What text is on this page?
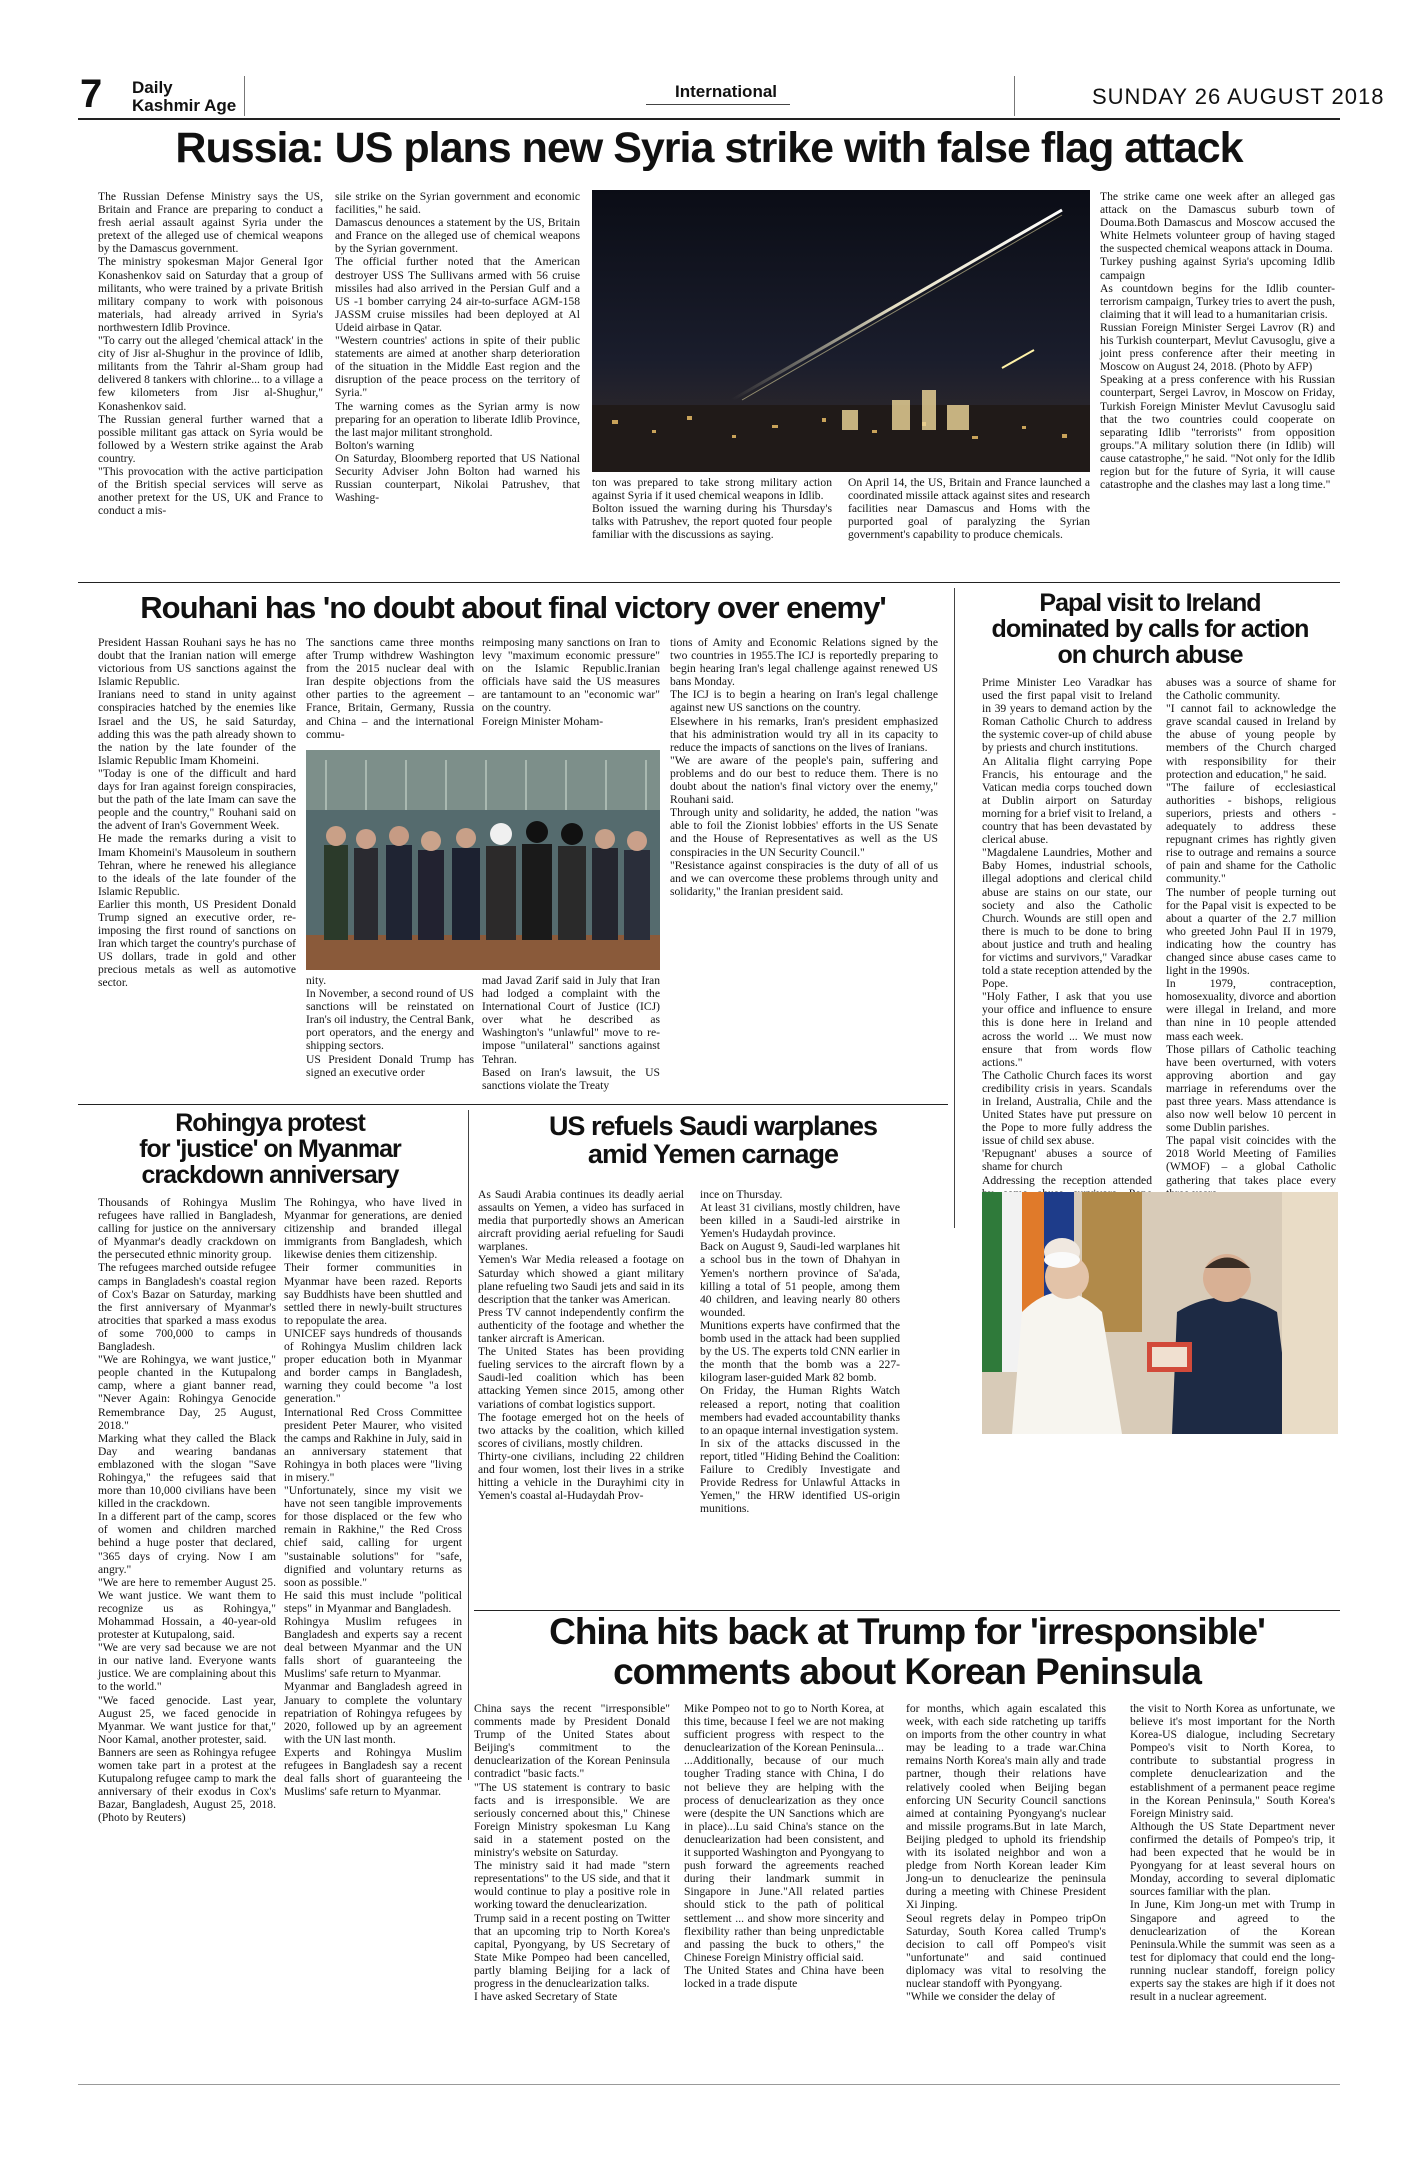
7 Daily
Kashmir Age
International	SUNDAY 26 AUGUST 2018
Russia: US plans new Syria strike with false flag attack
The Russian Defense Ministry says the US, Britain and France are preparing to conduct a fresh aerial assault against Syria under the pretext of the alleged use of chemical weapons by the Damascus government.
The ministry spokesman Major General Igor Konashenkov said on Saturday that a group of militants, who were trained by a private British military company to work with poisonous materials, had already arrived in Syria's northwestern Idlib Province.
"To carry out the alleged 'chemical attack' in the city of Jisr al-Shughur in the province of Idlib, militants from the Tahrir al-Sham group had delivered 8 tankers with chlorine... to a village a few kilometers from Jisr al-Shughur," Konashenkov said.
The Russian general further warned that a possible militant gas attack on Syria would be followed by a Western strike against the Arab country.
"This provocation with the active participation of the British special services will serve as another pretext for the US, UK and France to conduct a mis-
sile strike on the Syrian government and economic facilities," he said.
Damascus denounces a statement by the US, Britain and France on the alleged use of chemical weapons by the Syrian government.
The official further noted that the American destroyer USS The Sullivans armed with 56 cruise missiles had also arrived in the Persian Gulf and a US -1 bomber carrying 24 air-to-surface AGM-158 JASSM cruise missiles had been deployed at Al Udeid airbase in Qatar.
"Western countries' actions in spite of their public statements are aimed at another sharp deterioration of the situation in the Middle East region and the disruption of the peace process on the territory of Syria."
The warning comes as the Syrian army is now preparing for an operation to liberate Idlib Province, the last major militant stronghold.
Bolton's warning
On Saturday, Bloomberg reported that US National Security Adviser John Bolton had warned his Russian counterpart, Nikolai Patrushev, that Washing-
ton was prepared to take strong military action against Syria if it used chemical weapons in Idlib.
Bolton issued the warning during his Thursday's talks with Patrushev, the report quoted four people familiar with the discussions as saying.
On April 14, the US, Britain and France launched a coordinated missile attack against sites and research facilities near Damascus and Homs with the purported goal of paralyzing the Syrian government's capability to produce chemicals.
The strike came one week after an alleged gas attack on the Damascus suburb town of Douma.Both Damascus and Moscow accused the White Helmets volunteer group of having staged the suspected chemical weapons attack in Douma.
Turkey pushing against Syria's upcoming Idlib campaign
As countdown begins for the Idlib counter-terrorism campaign, Turkey tries to avert the push, claiming that it will lead to a humanitarian crisis.
Russian Foreign Minister Sergei Lavrov (R) and his Turkish counterpart, Mevlut Cavusoglu, give a joint press conference after their meeting in Moscow on August 24, 2018. (Photo by AFP)
Speaking at a press conference with his Russian counterpart, Sergei Lavrov, in Moscow on Friday, Turkish Foreign Minister Mevlut Cavusoglu said that the two countries could cooperate on separating Idlib "terrorists" from opposition groups."A military solution there (in Idlib) will cause catastrophe," he said. "Not only for the Idlib region but for the future of Syria, it will cause catastrophe and the clashes may last a long time."
Rouhani has 'no doubt about final victory over enemy'
President Hassan Rouhani says he has no doubt that the Iranian nation will emerge victorious from US sanctions against the Islamic Republic.
Iranians need to stand in unity against conspiracies hatched by the enemies like Israel and the US, he said Saturday, adding this was the path already shown to the nation by the late founder of the Islamic Republic Imam Khomeini.
"Today is one of the difficult and hard days for Iran against foreign conspiracies, but the path of the late Imam can save the people and the country," Rouhani said on the advent of Iran's Government Week.
He made the remarks during a visit to Imam Khomeini's Mausoleum in southern Tehran, where he renewed his allegiance to the ideals of the late founder of the Islamic Republic.
Earlier this month, US President Donald Trump signed an executive order, re-imposing the first round of sanctions on Iran which target the country's purchase of US dollars, trade in gold and other precious metals as well as automotive sector.
The sanctions came three months after Trump withdrew Washington from the 2015 nuclear deal with Iran despite objections from the other parties to the agreement – France, Britain, Germany, Russia and China – and the international commu-
reimposing many sanctions on Iran to levy "maximum economic pressure" on the Islamic Republic.Iranian officials have said the US measures are tantamount to an "economic war" on the country.
Foreign Minister Moham-
tions of Amity and Economic Relations signed by the two countries in 1955.The ICJ is reportedly preparing to begin hearing Iran's legal challenge against renewed US bans Monday.
The ICJ is to begin a hearing on Iran's legal challenge against new US sanctions on the country.
Elsewhere in his remarks, Iran's president emphasized that his administration would try all in its capacity to reduce the impacts of sanctions on the lives of Iranians.
"We are aware of the people's pain, suffering and problems and do our best to reduce them. There is no doubt about the nation's final victory over the enemy," Rouhani said.
Through unity and solidarity, he added, the nation "was able to foil the Zionist lobbies' efforts in the US Senate and the House of Representatives as well as the US conspiracies in the UN Security Council."
"Resistance against conspiracies is the duty of all of us and we can overcome these problems through unity and solidarity," the Iranian president said.
nity.
In November, a second round of US sanctions will be reinstated on Iran's oil industry, the Central Bank, port operators, and the energy and shipping sectors.
US President Donald Trump has signed an executive order
mad Javad Zarif said in July that Iran had lodged a complaint with the International Court of Justice (ICJ) over what he described as Washington's "unlawful" move to re-impose "unilateral" sanctions against Tehran.
Based on Iran's lawsuit, the US sanctions violate the Treaty
Papal visit to Ireland
dominated by calls for action
on church abuse
Prime Minister Leo Varadkar has used the first papal visit to Ireland in 39 years to demand action by the Roman Catholic Church to address the systemic cover-up of child abuse by priests and church institutions.
An Alitalia flight carrying Pope Francis, his entourage and the Vatican media corps touched down at Dublin airport on Saturday morning for a brief visit to Ireland, a country that has been devastated by clerical abuse.
"Magdalene Laundries, Mother and Baby Homes, industrial schools, illegal adoptions and clerical child abuse are stains on our state, our society and also the Catholic Church. Wounds are still open and there is much to be done to bring about justice and truth and healing for victims and survivors," Varadkar told a state reception attended by the Pope.
"Holy Father, I ask that you use your office and influence to ensure this is done here in Ireland and across the world ... We must now ensure that from words flow actions."
The Catholic Church faces its worst credibility crisis in years. Scandals in Ireland, Australia, Chile and the United States have put pressure on the Pope to more fully address the issue of child sex abuse.
'Repugnant' abuses a source of shame for church
Addressing the reception attended
abuses was a source of shame for the Catholic community.
"I cannot fail to acknowledge the grave scandal caused in Ireland by the abuse of young people by members of the Church charged with responsibility for their protection and education," he said.
"The failure of ecclesiastical authorities - bishops, religious superiors, priests and others - adequately to address these repugnant crimes has rightly given rise to outrage and remains a source of pain and shame for the Catholic community."
The number of people turning out for the Papal visit is expected to be about a quarter of the 2.7 million who greeted John Paul II in 1979, indicating how the country has changed since abuse cases came to light in the 1990s.
In 1979, contraception, homosexuality, divorce and abortion were illegal in Ireland, and more than nine in 10 people attended mass each week.
Those pillars of Catholic teaching have been overturned, with voters approving abortion and gay marriage in referendums over the past three years. Mass attendance is also now well below 10 percent in some Dublin parishes.
The papal visit coincides with the 2018 World Meeting of Families (WMOF) – a global Catholic gathering that takes place every

Rohingya protest
for 'justice' on Myanmar
crackdown anniversary
Thousands of Rohingya Muslim refugees have rallied in Bangladesh, calling for justice on the anniversary of Myanmar's deadly crackdown on the persecuted ethnic minority group.
The refugees marched outside refugee camps in Bangladesh's coastal region of Cox's Bazar on Saturday, marking the first anniversary of Myanmar's atrocities that sparked a mass exodus of some 700,000 to camps in Bangladesh.
"We are Rohingya, we want justice," people chanted in the Kutupalong camp, where a giant banner read, "Never Again: Rohingya Genocide Remembrance Day, 25 August, 2018."
Marking what they called the Black Day and wearing bandanas emblazoned with the slogan "Save Rohingya," the refugees said that more than 10,000 civilians have been killed in the crackdown.
In a different part of the camp, scores of women and children marched behind a huge poster that declared, "365 days of crying. Now I am angry."
"We are here to remember August 25. We want justice. We want them to recognize us as Rohingya," Mohammad Hossain, a 40-year-old protester at Kutupalong, said.
"We are very sad because we are not in our native land. Everyone wants justice. We are complaining about this to the world."
"We faced genocide. Last year, August 25, we faced genocide in Myanmar. We want justice for that," Noor Kamal, another protester, said.
Banners are seen as Rohingya refugee women take part in a protest at the Kutupalong refugee camp to mark the anniversary of their exodus in Cox's Bazar, Bangladesh, August 25, 2018. (Photo by Reuters)
The Rohingya, who have lived in Myanmar for generations, are denied citizenship and branded illegal immigrants from Bangladesh, which likewise denies them citizenship.
Their former communities in Myanmar have been razed. Reports say Buddhists have been shuttled and settled there in newly-built structures to repopulate the area.
UNICEF says hundreds of thousands of Rohingya Muslim children lack proper education both in Myanmar and border camps in Bangladesh, warning they could become "a lost generation."
International Red Cross Committee president Peter Maurer, who visited the camps and Rakhine in July, said in an anniversary statement that Rohingya in both places were "living in misery."
"Unfortunately, since my visit we have not seen tangible improvements for those displaced or the few who remain in Rakhine," the Red Cross chief said, calling for urgent "sustainable solutions" for "safe, dignified and voluntary returns as soon as possible."
He said this must include "political steps" in Myanmar and Bangladesh.
Rohingya Muslim refugees in Bangladesh and experts say a recent deal between Myanmar and the UN falls short of guaranteeing the Muslims' safe return to Myanmar.
Myanmar and Bangladesh agreed in January to complete the voluntary repatriation of Rohingya refugees by 2020, followed up by an agreement with the UN last month.
Experts and Rohingya Muslim refugees in Bangladesh say a recent deal falls short of guaranteeing the Muslims' safe return to Myanmar.
US refuels Saudi warplanes
amid Yemen carnage
As Saudi Arabia continues its deadly aerial assaults on Yemen, a video has surfaced in media that purportedly shows an American aircraft providing aerial refueling for Saudi warplanes.
Yemen's War Media released a footage on Saturday which showed a giant military plane refueling two Saudi jets and said in its description that the tanker was American.
Press TV cannot independently confirm the authenticity of the footage and whether the tanker aircraft is American.
The United States has been providing fueling services to the aircraft flown by a Saudi-led coalition which has been attacking Yemen since 2015, among other variations of combat logistics support.
The footage emerged hot on the heels of two attacks by the coalition, which killed scores of civilians, mostly children.
Thirty-one civilians, including 22 children and four women, lost their lives in a strike hitting a vehicle in the Durayhimi city in Yemen's coastal al-Hudaydah Prov-
ince on Thursday.
At least 31 civilians, mostly children, have been killed in a Saudi-led airstrike in Yemen's Hudaydah province.
Back on August 9, Saudi-led warplanes hit a school bus in the town of Dhahyan in Yemen's northern province of Sa'ada, killing a total of 51 people, among them 40 children, and leaving nearly 80 others wounded.
Munitions experts have confirmed that the bomb used in the attack had been supplied by the US. The experts told CNN earlier in the month that the bomb was a 227-kilogram laser-guided Mark 82 bomb.
On Friday, the Human Rights Watch released a report, noting that coalition members had evaded accountability thanks to an opaque internal investigation system.
In six of the attacks discussed in the report, titled "Hiding Behind the Coalition: Failure to Credibly Investigate and Provide Redress for Unlawful Attacks in Yemen," the HRW identified US-origin munitions.
China hits back at Trump for 'irresponsible'
comments about Korean Peninsula
China says the recent "irresponsible" comments made by President Donald Trump of the United States about Beijing's commitment to the denuclearization of the Korean Peninsula contradict "basic facts."
"The US statement is contrary to basic facts and is irresponsible. We are seriously concerned about this," Chinese Foreign Ministry spokesman Lu Kang said in a statement posted on the ministry's website on Saturday.
The ministry said it had made "stern representations" to the US side, and that it would continue to play a positive role in working toward the denuclearization.
Trump said in a recent posting on Twitter that an upcoming trip to North Korea's capital, Pyongyang, by US Secretary of State Mike Pompeo had been cancelled, partly blaming Beijing for a lack of progress in the denuclearization talks.
I have asked Secretary of State
Mike Pompeo not to go to North Korea, at this time, because I feel we are not making sufficient progress with respect to the denuclearization of the Korean Peninsula...
...Additionally, because of our much tougher Trading stance with China, I do not believe they are helping with the process of denuclearization as they once were (despite the UN Sanctions which are in place)...Lu said China's stance on the denuclearization had been consistent, and it supported Washington and Pyongyang to push forward the agreements reached during their landmark summit in Singapore in June."All related parties should stick to the path of political settlement ... and show more sincerity and flexibility rather than being unpredictable and passing the buck to others," the Chinese Foreign Ministry official said.
The United States and China have been locked in a trade dispute
for months, which again escalated this week, with each side ratcheting up tariffs on imports from the other country in what may be leading to a trade war.China remains North Korea's main ally and trade partner, though their relations have relatively cooled when Beijing began enforcing UN Security Council sanctions aimed at containing Pyongyang's nuclear and missile programs.But in late March, Beijing pledged to uphold its friendship with its isolated neighbor and won a pledge from North Korean leader Kim Jong-un to denuclearize the peninsula during a meeting with Chinese President Xi Jinping.
Seoul regrets delay in Pompeo tripOn Saturday, South Korea called Trump's decision to call off Pompeo's visit "unfortunate" and said continued diplomacy was vital to resolving the nuclear standoff with Pyongyang.
"While we consider the delay of
the visit to North Korea as unfortunate, we believe it's most important for the North Korea-US dialogue, including Secretary Pompeo's visit to North Korea, to contribute to substantial progress in complete denuclearization and the establishment of a permanent peace regime in the Korean Peninsula," South Korea's Foreign Ministry said.
Although the US State Department never confirmed the details of Pompeo's trip, it had been expected that he would be in Pyongyang for at least several hours on Monday, according to several diplomatic sources familiar with the plan.
In June, Kim Jong-un met with Trump in Singapore and agreed to the denuclearization of the Korean Peninsula.While the summit was seen as a test for diplomacy that could end the long-running nuclear standoff, foreign policy experts say the stakes are high if it does not result in a nuclear agreement.
